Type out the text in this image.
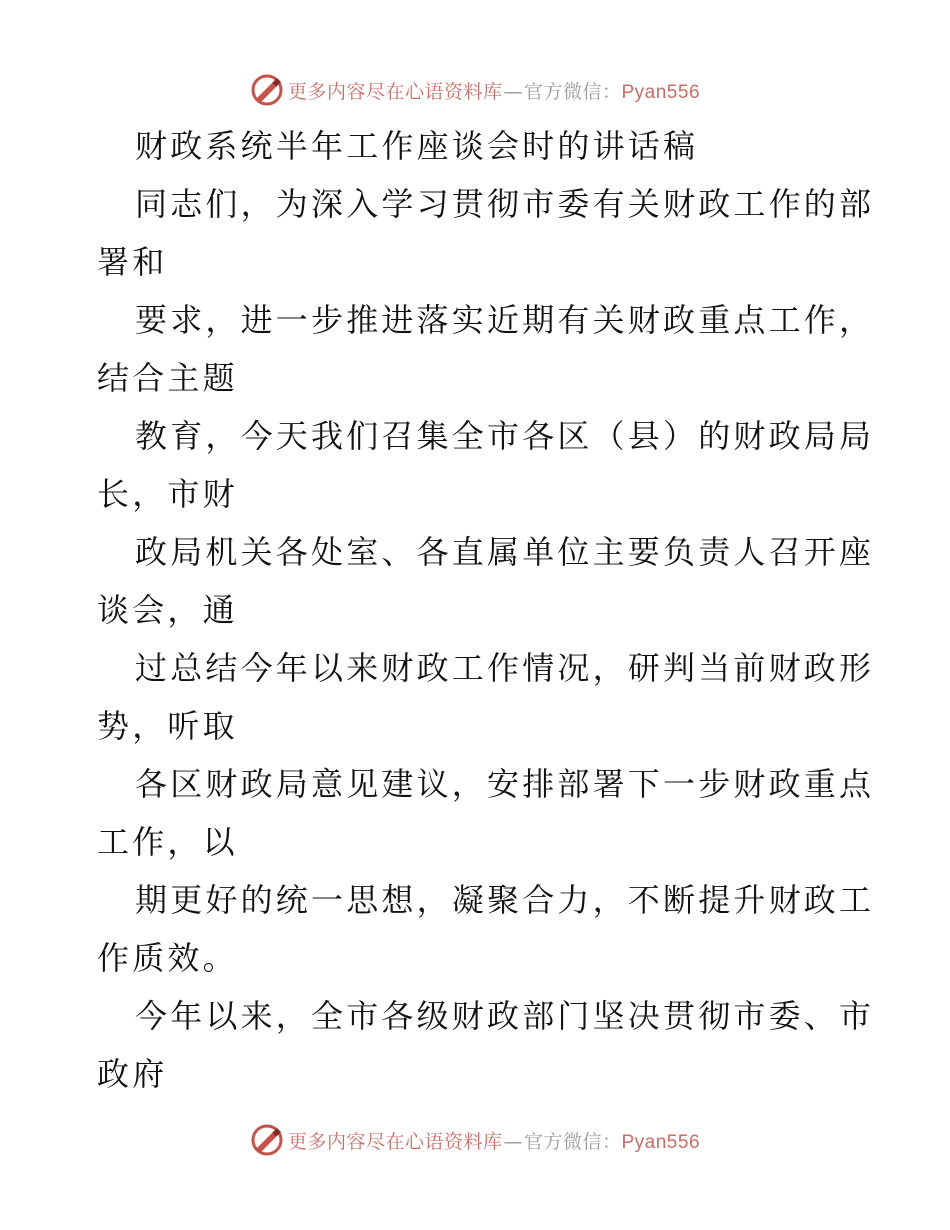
更多内容尽在心语资料库—官方微信：Pyan556
财政系统半年工作座谈会时的讲话稿
同志们，为深入学习贯彻市委有关财政工作的部
署和
要求，进一步推进落实近期有关财政重点工作，
结合主题
教育，今天我们召集全市各区（县）的财政局局
长，市财
政局机关各处室、各直属单位主要负责人召开座
谈会，通
过总结今年以来财政工作情况，研判当前财政形
势，听取
各区财政局意见建议，安排部署下一步财政重点
工作，以
期更好的统一思想，凝聚合力，不断提升财政工
作质效。
今年以来，全市各级财政部门坚决贯彻市委、市
政府
更多内容尽在心语资料库—官方微信：Pyan556
